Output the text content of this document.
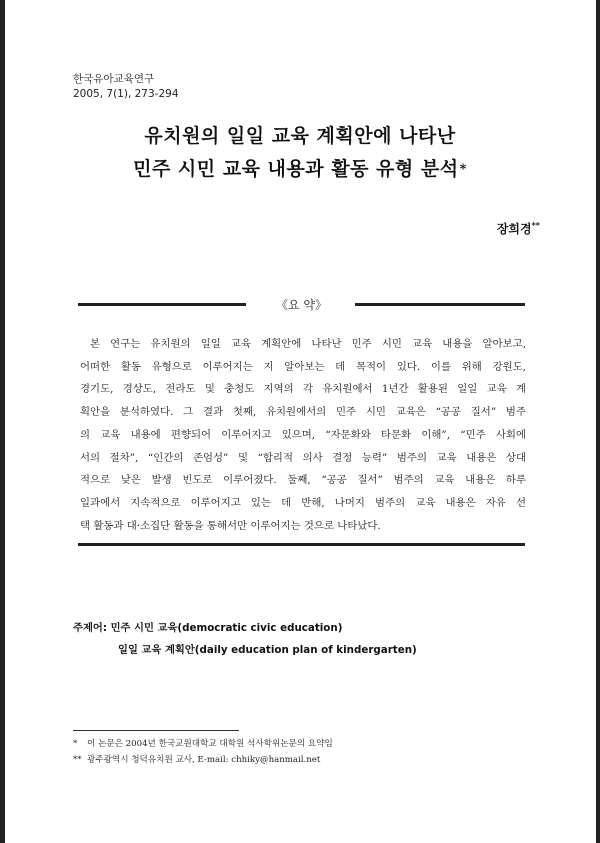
한국유아교육연구
2005, 7(1), 273-294
유치원의 일일 교육 계획안에 나타난
민주 시민 교육 내용과 활동 유형 분석*
장희경**
《요 약》
본 연구는 유치원의 일일 교육 계획안에 나타난 민주 시민 교육 내용을 알아보고,
어떠한 활동 유형으로 이루어지는 지 알아보는 데 목적이 있다. 이를 위해 강원도,
경기도, 경상도, 전라도 및 충청도 지역의 각 유치원에서 1년간 활용된 일일 교육 계
획안을 분석하였다. 그 결과 첫째, 유치원에서의 민주 시민 교육은 “공공 질서” 범주
의 교육 내용에 편향되어 이루어지고 있으며, “자문화와 타문화 이해”, “민주 사회에
서의 절차”, “인간의 존엄성” 및 “합리적 의사 결정 능력” 범주의 교육 내용은 상대
적으로 낮은 발생 빈도로 이루어졌다. 둘째, “공공 질서” 범주의 교육 내용은 하루
일과에서 지속적으로 이루어지고 있는 데 반해, 나머지 범주의 교육 내용은 자유 선
택 활동과 대·소집단 활동을 통해서만 이루어지는 것으로 나타났다.
주제어: 민주 시민 교육(democratic civic education)
일일 교육 계획안(daily education plan of kindergarten)
* 이 논문은 2004년 한국교원대학교 대학원 석사학위논문의 요약임
** 광주광역시 청덕유치원 교사, E-mail: chhiky@hanmail.net
